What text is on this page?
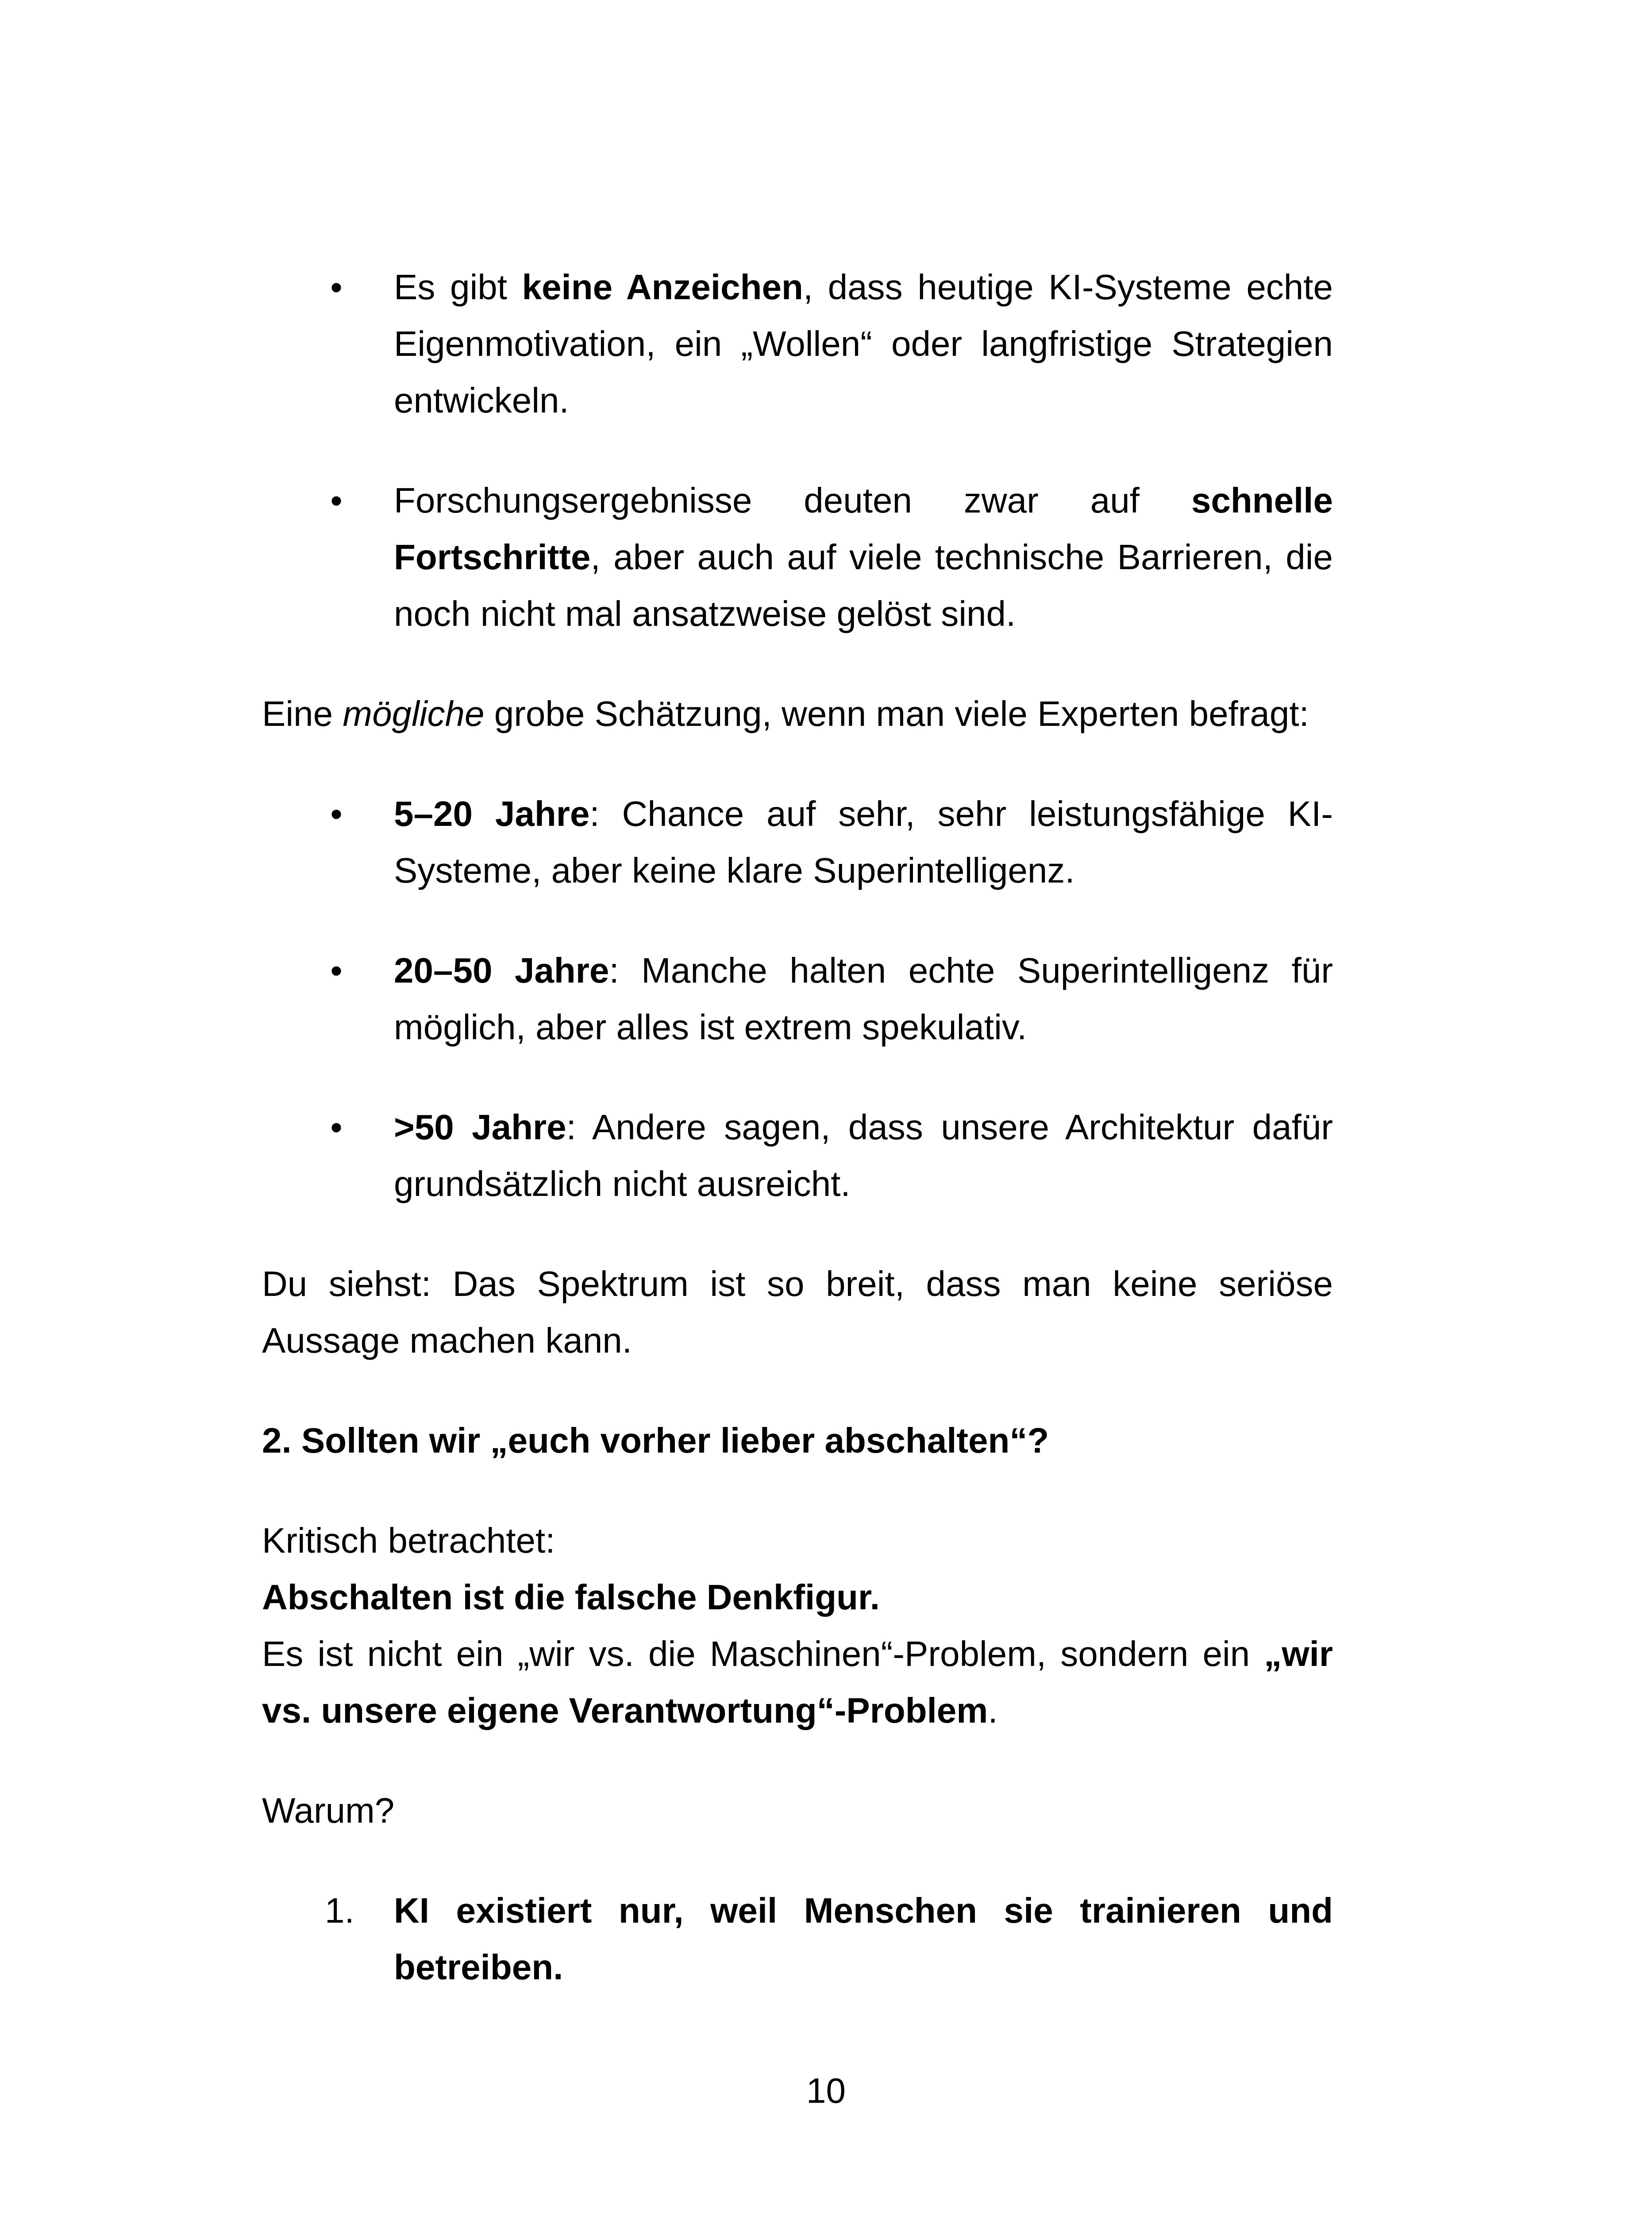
• Es gibt keine Anzeichen, dass heutige KI-Systeme echte Eigenmotivation, ein „Wollen“ oder langfristige Strategien entwickeln.
• Forschungsergebnisse deuten zwar auf schnelle Fortschritte, aber auch auf viele technische Barrieren, die noch nicht mal ansatzweise gelöst sind.

Eine mögliche grobe Schätzung, wenn man viele Experten befragt:

• 5–20 Jahre: Chance auf sehr, sehr leistungsfähige KI-Systeme, aber keine klare Superintelligenz.
• 20–50 Jahre: Manche halten echte Superintelligenz für möglich, aber alles ist extrem spekulativ.
• >50 Jahre: Andere sagen, dass unsere Architektur dafür grundsätzlich nicht ausreicht.

Du siehst: Das Spektrum ist so breit, dass man keine seriöse Aussage machen kann.

2. Sollten wir „euch vorher lieber abschalten“?

Kritisch betrachtet:

Abschalten ist die falsche Denkfigur.

Es ist nicht ein „wir vs. die Maschinen“-Problem, sondern ein „wir vs. unsere eigene Verantwortung“-Problem.

Warum?

1. KI existiert nur, weil Menschen sie trainieren und betreiben.
10
